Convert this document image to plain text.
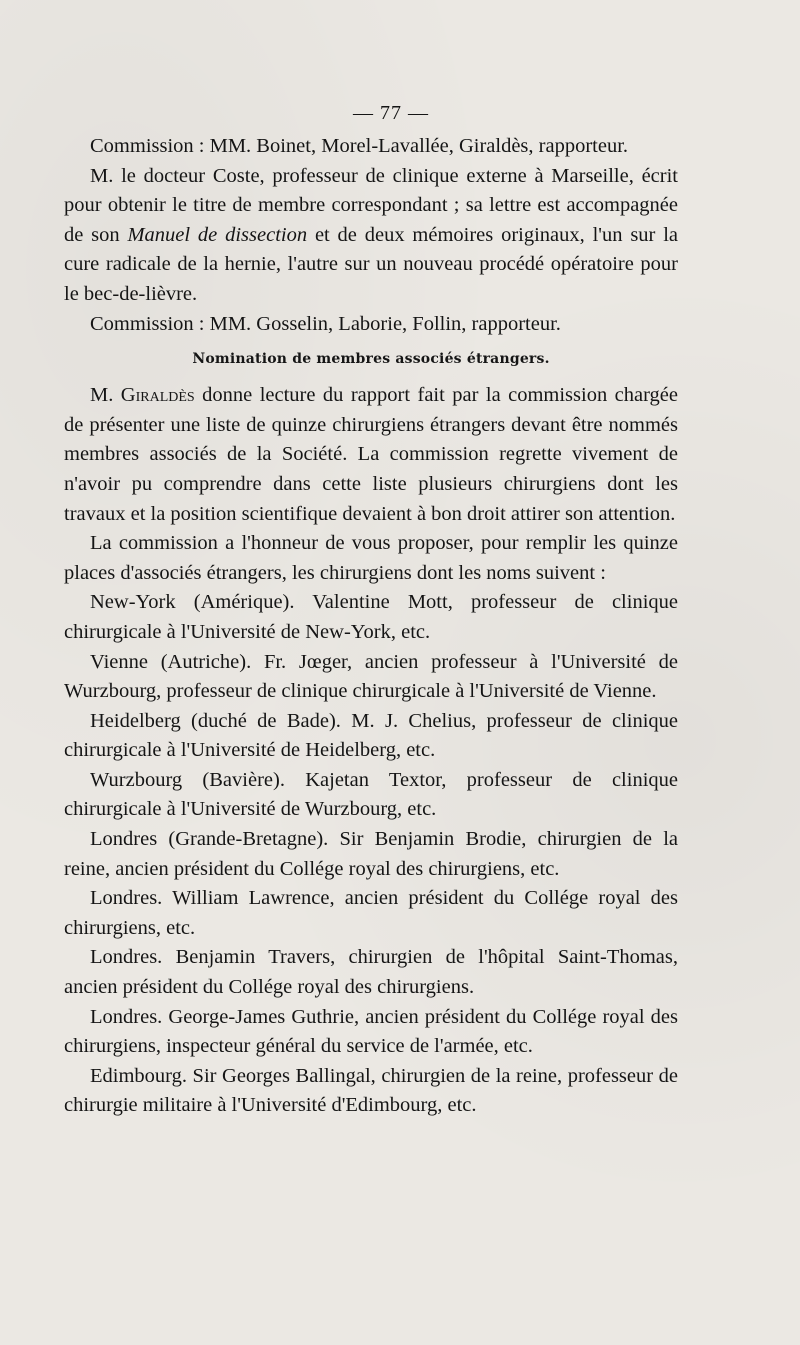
— 77 —

Commission : MM. Boinet, Morel-Lavallée, Giraldès, rapporteur.

M. le docteur Coste, professeur de clinique externe à Marseille, écrit pour obtenir le titre de membre correspondant ; sa lettre est accompagnée de son Manuel de dissection et de deux mémoires originaux, l'un sur la cure radicale de la hernie, l'autre sur un nouveau procédé opératoire pour le bec-de-lièvre.

Commission : MM. Gosselin, Laborie, Follin, rapporteur.

Nomination de membres associés étrangers.

M. Giraldès donne lecture du rapport fait par la commission chargée de présenter une liste de quinze chirurgiens étrangers devant être nommés membres associés de la Société. La commission regrette vivement de n'avoir pu comprendre dans cette liste plusieurs chirurgiens dont les travaux et la position scientifique devaient à bon droit attirer son attention.

La commission a l'honneur de vous proposer, pour remplir les quinze places d'associés étrangers, les chirurgiens dont les noms suivent :

New-York (Amérique). Valentine Mott, professeur de clinique chirurgicale à l'Université de New-York, etc.

Vienne (Autriche). Fr. Jœger, ancien professeur à l'Université de Wurzbourg, professeur de clinique chirurgicale à l'Université de Vienne.

Heidelberg (duché de Bade). M. J. Chelius, professeur de clinique chirurgicale à l'Université de Heidelberg, etc.

Wurzbourg (Bavière). Kajetan Textor, professeur de clinique chirurgicale à l'Université de Wurzbourg, etc.

Londres (Grande-Bretagne). Sir Benjamin Brodie, chirurgien de la reine, ancien président du Collége royal des chirurgiens, etc.

Londres. William Lawrence, ancien président du Collége royal des chirurgiens, etc.

Londres. Benjamin Travers, chirurgien de l'hôpital Saint-Thomas, ancien président du Collége royal des chirurgiens.

Londres. George-James Guthrie, ancien président du Collége royal des chirurgiens, inspecteur général du service de l'armée, etc.

Edimbourg. Sir Georges Ballingal, chirurgien de la reine, professeur de chirurgie militaire à l'Université d'Edimbourg, etc.
